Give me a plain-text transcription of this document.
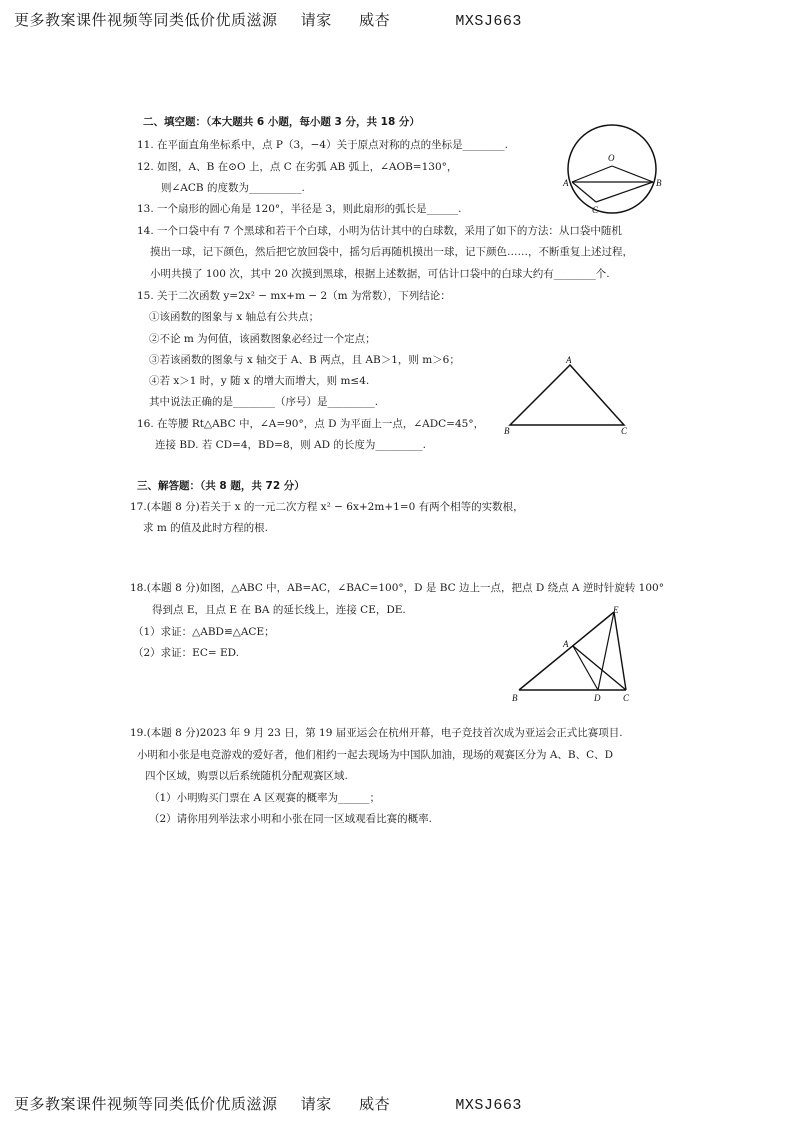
更多教案课件视频等同类低价优质滋源 请家 威杏	MXSJ663
二、填空题：（本大题共 6 小题，每小题 3 分，共 18 分）
11. 在平面直角坐标系中，点 P（3，−4）关于原点对称的点的坐标是________.
12. 如图，A、B 在⊙O 上，点 C 在劣弧 AB 弧上，∠AOB=130°，
则∠ACB 的度数为__________.
O
A	B
C
13. 一个扇形的圆心角是 120°，半径是 3，则此扇形的弧长是______.
14. 一个口袋中有 7 个黑球和若干个白球，小明为估计其中的白球数，采用了如下的方法：从口袋中随机
摸出一球，记下颜色，然后把它放回袋中，摇匀后再随机摸出一球，记下颜色……，不断重复上述过程，
小明共摸了 100 次，其中 20 次摸到黑球，根据上述数据，可估计口袋中的白球大约有________个.
15. 关于二次函数 y=2x² − mx+m − 2（m 为常数），下列结论：
①该函数的图象与 x 轴总有公共点；
②不论 m 为何值，该函数图象必经过一个定点；
③若该函数的图象与 x 轴交于 A、B 两点，且 AB＞1，则 m＞6；
④若 x＞1 时，y 随 x 的增大而增大，则 m≤4.
其中说法正确的是________（序号）是_________.
A
B	C
16. 在等腰 Rt△ABC 中，∠A=90°，点 D 为平面上一点，∠ADC=45°，
连接 BD. 若 CD=4，BD=8，则 AD 的长度为_________.
三、解答题：（共 8 题，共 72 分）
17.(本题 8 分)若关于 x 的一元二次方程 x² − 6x+2m+1=0 有两个相等的实数根，
求 m 的值及此时方程的根.
18.(本题 8 分)如图，△ABC 中，AB=AC，∠BAC=100°，D 是 BC 边上一点，把点 D 绕点 A 逆时针旋转 100°
得到点 E，且点 E 在 BA 的延长线上，连接 CE，DE.
（1）求证：△ABD≌△ACE；
（2）求证：EC= ED.
E
A
B	D	C
19.(本题 8 分)2023 年 9 月 23 日，第 19 届亚运会在杭州开幕，电子竞技首次成为亚运会正式比赛项目.
小明和小张是电竞游戏的爱好者，他们相约一起去现场为中国队加油，现场的观赛区分为 A、B、C、D
四个区域，购票以后系统随机分配观赛区域.
（1）小明购买门票在 A 区观赛的概率为______；
（2）请你用列举法求小明和小张在同一区域观看比赛的概率.
更多教案课件视频等同类低价优质滋源 请家 威杏	MXSJ663
